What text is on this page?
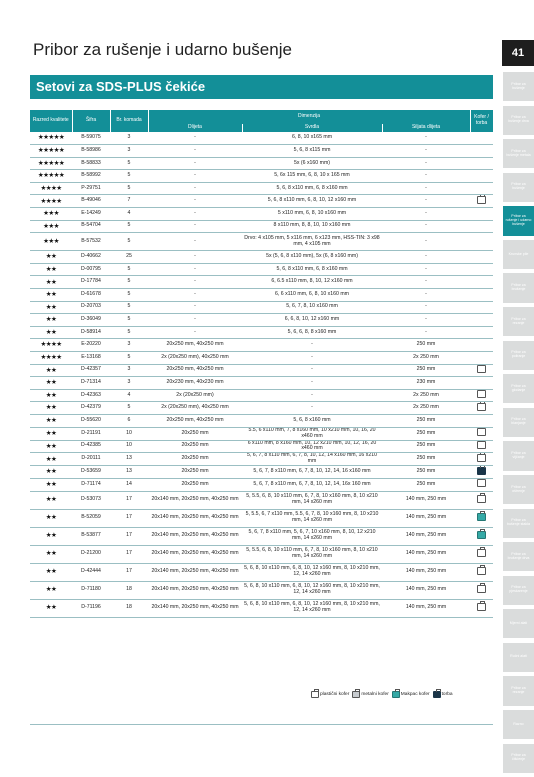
Pribor za rušenje i udarno bušenje	41
Setovi za SDS-PLUS čekiće
Razred kvalitete	Šifra	Br. komada	Dimenzija			Kofer / torba
			Dlijeta	Svrdla	Šiljata dlijeta	
★★★★★	B-59075	3	-	6, 8, 10 x165 mm	-	
★★★★★	B-58986	3	-	5, 6, 8 x115 mm	-	
★★★★★	B-58833	5	-	5x (6 x160 mm)	-	
★★★★★	B-58992	5	-	5, 6x 115 mm, 6, 8, 10 x 165 mm	-	
★★★★	P-29751	5	-	5, 6, 8 x110 mm, 6, 8 x160 mm	-	
★★★★	B-49046	7	-	5, 6, 8 x110 mm, 6, 8, 10, 12 x160 mm	-	
★★★	E-14249	4	-	5 x110 mm, 6, 8, 10 x160 mm	-	
★★★	B-54704	5	-	8 x110 mm, 8, 8, 10, 10 x160 mm	-	
★★★	B-57532	5	-	Drvo: 4 x105 mm, 5 x116 mm, 6 x123 mm, HSS-TIN: 3 x98 mm, 4 x105 mm	-	
★★	D-40662	25	-	5x (5, 6, 8 x110 mm), 5x (6, 8 x160 mm)	-	
★★	D-00795	5	-	5, 6, 8 x110 mm, 6, 8 x160 mm	-	
★★	D-17784	5	-	6, 6.5 x110 mm, 8, 10, 12 x160 mm	-	
★★	D-61678	5	-	6, 6 x110 mm, 6, 8, 10 x160 mm	-	
★★	D-20703	5	-	5, 6, 7, 8, 10 x160 mm	-	
★★	D-36049	5	-	6, 6, 8, 10, 12 x160 mm	-	
★★	D-58914	5	-	5, 6, 6, 8, 8 x160 mm	-	
★★★★	E-20220	3	20x250 mm, 40x250 mm	-	250 mm	
★★★★	E-13168	5	2x (20x250 mm), 40x250 mm	-	2x 250 mm	
★★	D-42357	3	20x250 mm, 40x250 mm	-	250 mm	
★★	D-71314	3	20x230 mm, 40x230 mm	-	230 mm	
★★	D-42363	4	2x (20x250 mm)	-	2x 250 mm	
★★	D-42379	5	2x (20x250 mm), 40x250 mm	-	2x 250 mm	
★★	D-55620	6	20x250 mm, 40x250 mm	5, 6, 8 x160 mm	250 mm	
★★	D-21191	10	20x250 mm	5.5, 6 x110 mm, 7, 8 x160 mm, 10 x210 mm, 10, 16, 20 x460 mm	250 mm	
★★	D-42385	10	20x250 mm	6 x110 mm, 8 x160 mm, 10, 12 x210 mm, 10, 12, 16, 20 x460 mm	250 mm	
★★	D-20111	13	20x250 mm	5, 6, 7, 8 x110 mm, 6, 7, 8, 10, 12, 14 x160 mm, 16 x210 mm	250 mm	
★★	D-53659	13	20x250 mm	5, 6, 7, 8 x110 mm, 6, 7, 8, 10, 12, 14, 16 x160 mm	250 mm	
★★	D-71174	14	20x250 mm	5, 6, 7, 8 x110 mm, 6, 7, 8, 10, 12, 14, 16x 160 mm	250 mm	
★★	D-53073	17	20x140 mm, 20x250 mm, 40x250 mm	5, 5.5, 6, 8, 10 x110 mm, 6, 7, 8, 10 x160 mm, 8, 10 x210 mm, 14 x260 mm	140 mm, 250 mm	
★★	B-52059	17	20x140 mm, 20x250 mm, 40x250 mm	5, 5.5, 6, 7 x110 mm, 5.5, 6, 7, 8, 10 x160 mm, 8, 10 x210 mm, 14 x260 mm	140 mm, 250 mm	
★★	B-53877	17	20x140 mm, 20x250 mm, 40x250 mm	5, 6, 7, 8 x110 mm, 5, 6, 7, 10 x160 mm, 8, 10, 12 x210 mm, 14 x260 mm	140 mm, 250 mm	
★★	D-21200	17	20x140 mm, 20x250 mm, 40x250 mm	5, 5.5, 6, 8, 10 x110 mm, 6, 7, 8, 10 x160 mm, 8, 10 x210 mm, 14 x260 mm	140 mm, 250 mm	
★★	D-42444	17	20x140 mm, 20x250 mm, 40x250 mm	5, 6, 8, 10 x110 mm, 6, 8, 10, 12 x160 mm, 8, 10 x210 mm, 12, 14 x260 mm	140 mm, 250 mm	
★★	D-71180	18	20x140 mm, 20x250 mm, 40x250 mm	5, 6, 8, 10 x110 mm, 6, 8, 10, 12 x160 mm, 8, 10 x210 mm, 12, 14 x260 mm	140 mm, 250 mm	
★★	D-71196	18	20x140 mm, 20x250 mm, 40x250 mm	5, 6, 8, 10 x110 mm, 6, 8, 10, 12 x160 mm, 8, 10 x210 mm, 12, 14 x260 mm	140 mm, 250 mm	
plastični kofer	metalni kofer	Makpac kofer	torba
Pribor za bušenje
Pribor za bušenje drva
Pribor za bušenje metala
Pribor za bušenje
Pribor za rušenje i udarno bušenje
Krunske pile
Pribor za brušenje
Pribor za rezanje
Pribor za poliranje
Pribor za glodanje
Pribor za blanjanje
Pribor za vijčanje
Pribor za oštrenje
Pribor za bušenje stakla
Pribor za brušenje drva
Pribor za pjeskarenje
Mjerni alati
Ručni alati
Pribor za rezanje
Razno
Pribor za čišćenje
